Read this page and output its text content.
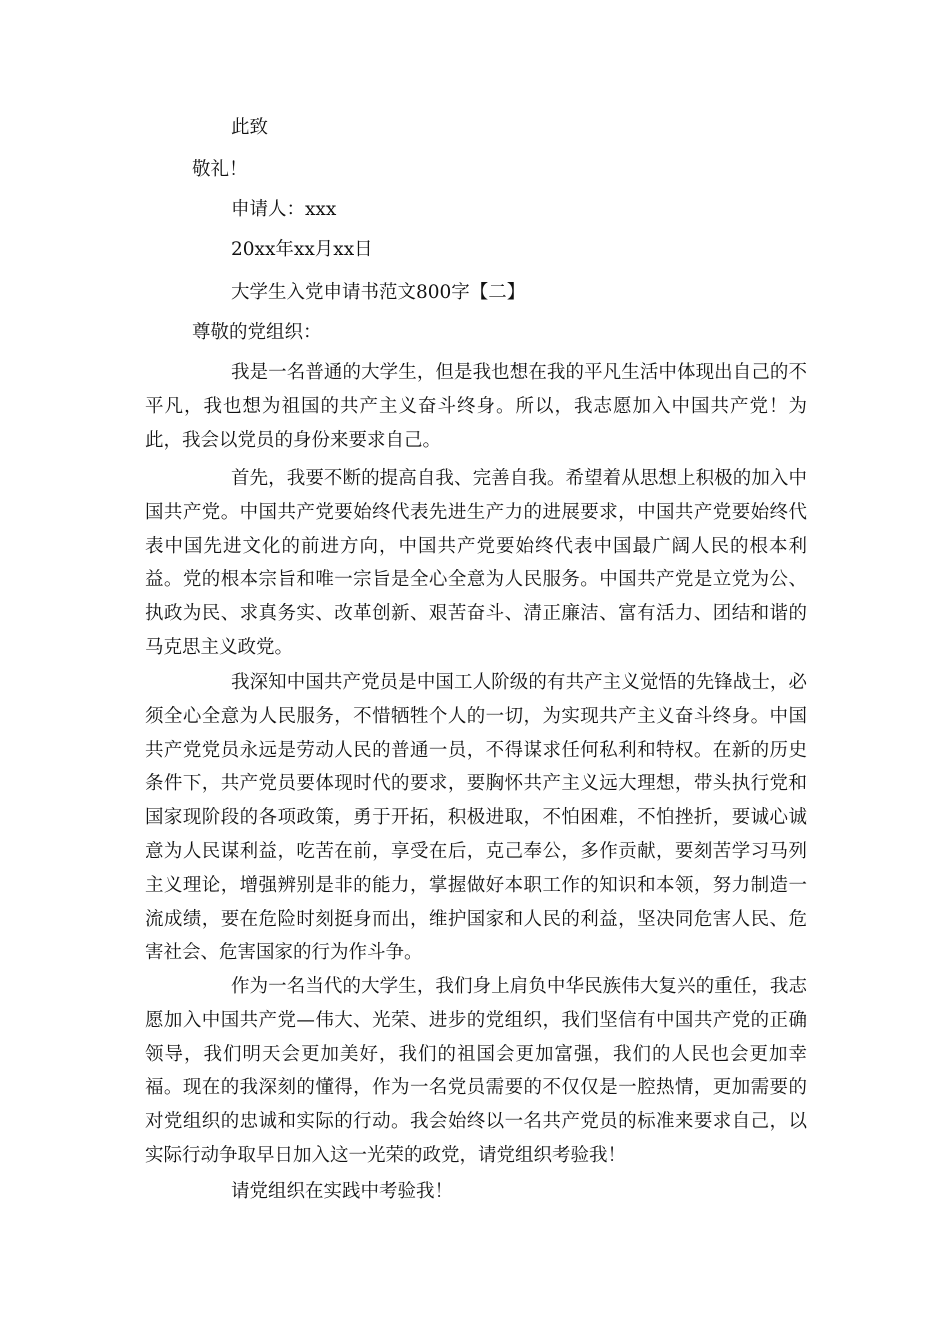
此致
敬礼！
申请人：xxx
20xx年xx月xx日
大学生入党申请书范文800字【二】
尊敬的党组织：

我是一名普通的大学生，但是我也想在我的平凡生活中体现出自己的不平凡，我也想为祖国的共产主义奋斗终身。所以，我志愿加入中国共产党！为此，我会以党员的身份来要求自己。

首先，我要不断的提高自我、完善自我。希望着从思想上积极的加入中国共产党。中国共产党要始终代表先进生产力的进展要求，中国共产党要始终代表中国先进文化的前进方向，中国共产党要始终代表中国最广阔人民的根本利益。党的根本宗旨和唯一宗旨是全心全意为人民服务。中国共产党是立党为公、执政为民、求真务实、改革创新、艰苦奋斗、清正廉洁、富有活力、团结和谐的马克思主义政党。

我深知中国共产党员是中国工人阶级的有共产主义觉悟的先锋战士，必须全心全意为人民服务，不惜牺牲个人的一切，为实现共产主义奋斗终身。中国共产党党员永远是劳动人民的普通一员，不得谋求任何私利和特权。在新的历史条件下，共产党员要体现时代的要求，要胸怀共产主义远大理想，带头执行党和国家现阶段的各项政策，勇于开拓，积极进取，不怕困难，不怕挫折，要诚心诚意为人民谋利益，吃苦在前，享受在后，克己奉公，多作贡献，要刻苦学习马列主义理论，增强辨别是非的能力，掌握做好本职工作的知识和本领，努力制造一流成绩，要在危险时刻挺身而出，维护国家和人民的利益，坚决同危害人民、危害社会、危害国家的行为作斗争。

作为一名当代的大学生，我们身上肩负中华民族伟大复兴的重任，我志愿加入中国共产党—伟大、光荣、进步的党组织，我们坚信有中国共产党的正确领导，我们明天会更加美好，我们的祖国会更加富强，我们的人民也会更加幸福。现在的我深刻的懂得，作为一名党员需要的不仅仅是一腔热情，更加需要的对党组织的忠诚和实际的行动。我会始终以一名共产党员的标准来要求自己，以实际行动争取早日加入这一光荣的政党，请党组织考验我！

请党组织在实践中考验我！
